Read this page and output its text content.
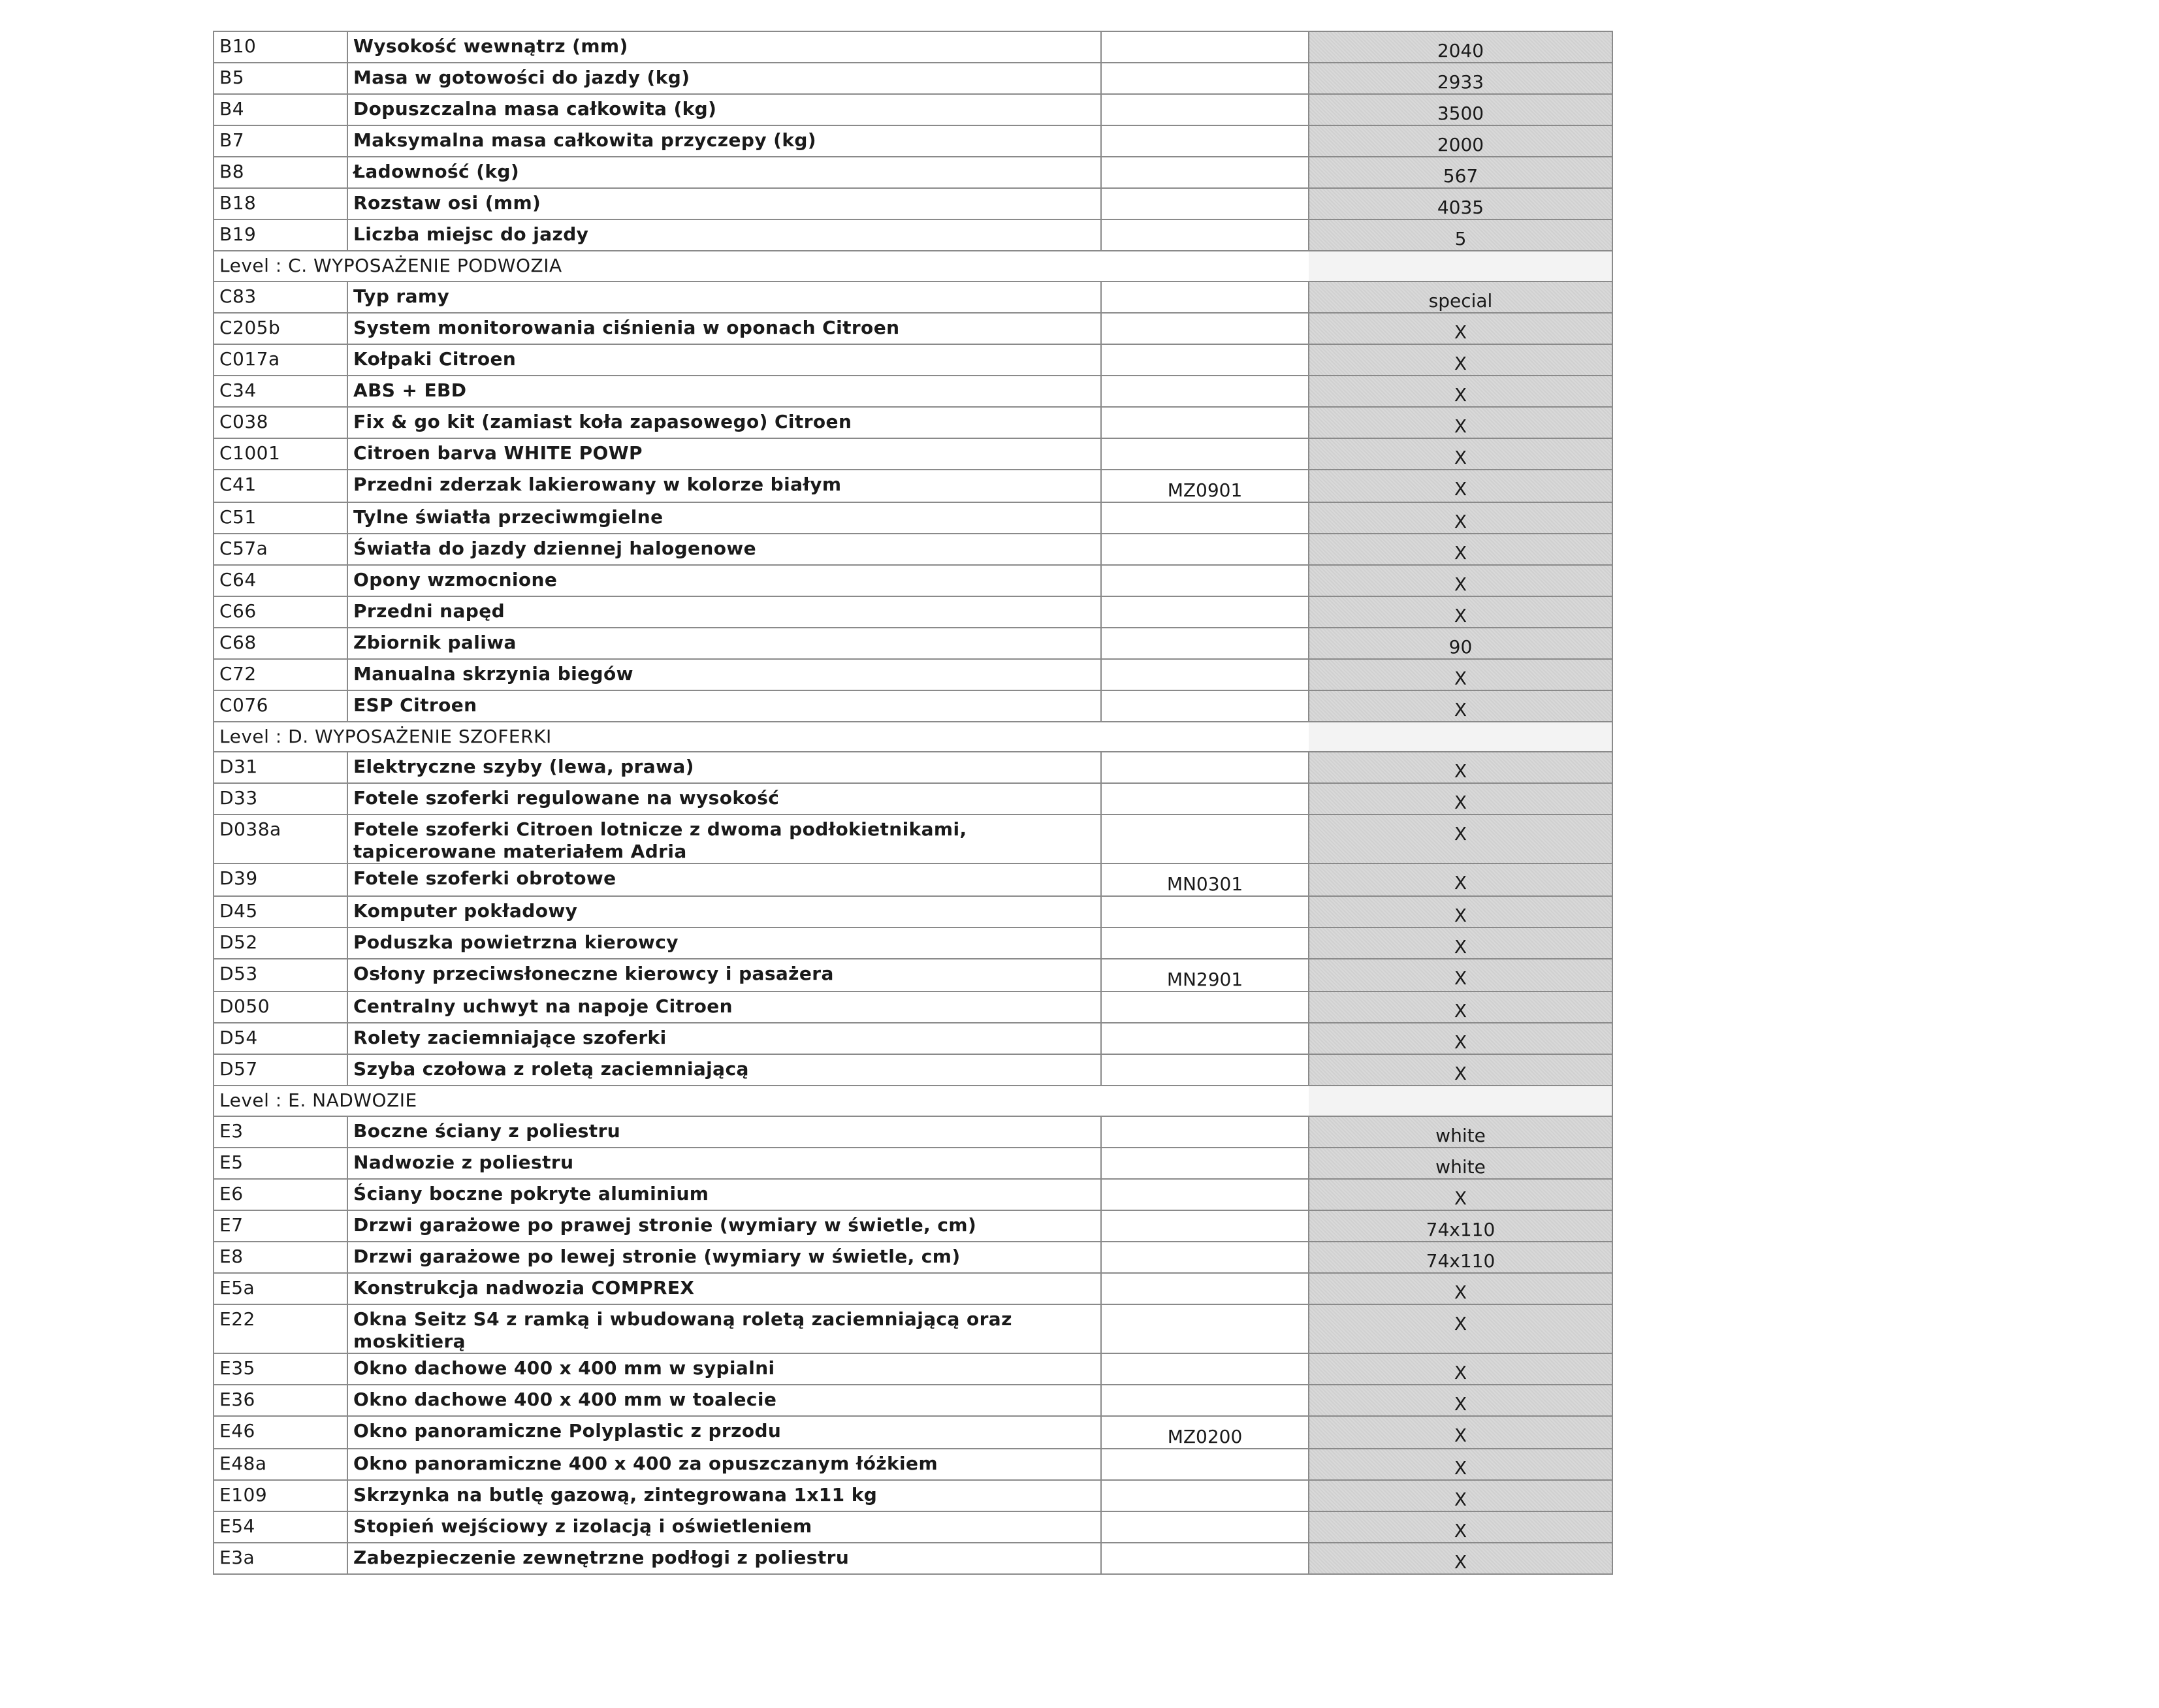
B10	Wysokość wewnątrz (mm)		2040
B5	Masa w gotowości do jazdy (kg)		2933
B4	Dopuszczalna masa całkowita (kg)		3500
B7	Maksymalna masa całkowita przyczepy (kg)		2000
B8	Ładowność (kg)		567
B18	Rozstaw osi (mm)		4035
B19	Liczba miejsc do jazdy		5
Level : C. WYPOSAŻENIE PODWOZIA			
C83	Typ ramy		special
C205b	System monitorowania ciśnienia w oponach Citroen		X
C017a	Kołpaki Citroen		X
C34	ABS + EBD		X
C038	Fix & go kit (zamiast koła zapasowego) Citroen		X
C1001	Citroen barva WHITE POWP		X
C41	Przedni zderzak lakierowany w kolorze białym	MZ0901	X
C51	Tylne światła przeciwmgielne		X
C57a	Światła do jazdy dziennej halogenowe		X
C64	Opony wzmocnione		X
C66	Przedni napęd		X
C68	Zbiornik paliwa		90
C72	Manualna skrzynia biegów		X
C076	ESP Citroen		X
Level : D. WYPOSAŻENIE SZOFERKI			
D31	Elektryczne szyby (lewa, prawa)		X
D33	Fotele szoferki regulowane na wysokość		X
D038a	Fotele szoferki Citroen lotnicze z dwoma podłokietnikami, tapicerowane materiałem Adria		X
D39	Fotele szoferki obrotowe	MN0301	X
D45	Komputer pokładowy		X
D52	Poduszka powietrzna kierowcy		X
D53	Osłony przeciwsłoneczne kierowcy i pasażera	MN2901	X
D050	Centralny uchwyt na napoje Citroen		X
D54	Rolety zaciemniające szoferki		X
D57	Szyba czołowa z roletą zaciemniającą		X
Level : E. NADWOZIE			
E3	Boczne ściany z poliestru		white
E5	Nadwozie z poliestru		white
E6	Ściany boczne pokryte aluminium		X
E7	Drzwi garażowe po prawej stronie (wymiary w świetle, cm)		74x110
E8	Drzwi garażowe po lewej stronie (wymiary w świetle, cm)		74x110
E5a	Konstrukcja nadwozia COMPREX		X
E22	Okna Seitz S4 z ramką i wbudowaną roletą zaciemniającą oraz moskitierą		X
E35	Okno dachowe 400 x 400 mm w sypialni		X
E36	Okno dachowe 400 x 400 mm w toalecie		X
E46	Okno panoramiczne Polyplastic z przodu	MZ0200	X
E48a	Okno panoramiczne 400 x 400 za opuszczanym łóżkiem		X
E109	Skrzynka na butlę gazową, zintegrowana 1x11 kg		X
E54	Stopień wejściowy z izolacją i oświetleniem		X
E3a	Zabezpieczenie zewnętrzne podłogi z poliestru		X
